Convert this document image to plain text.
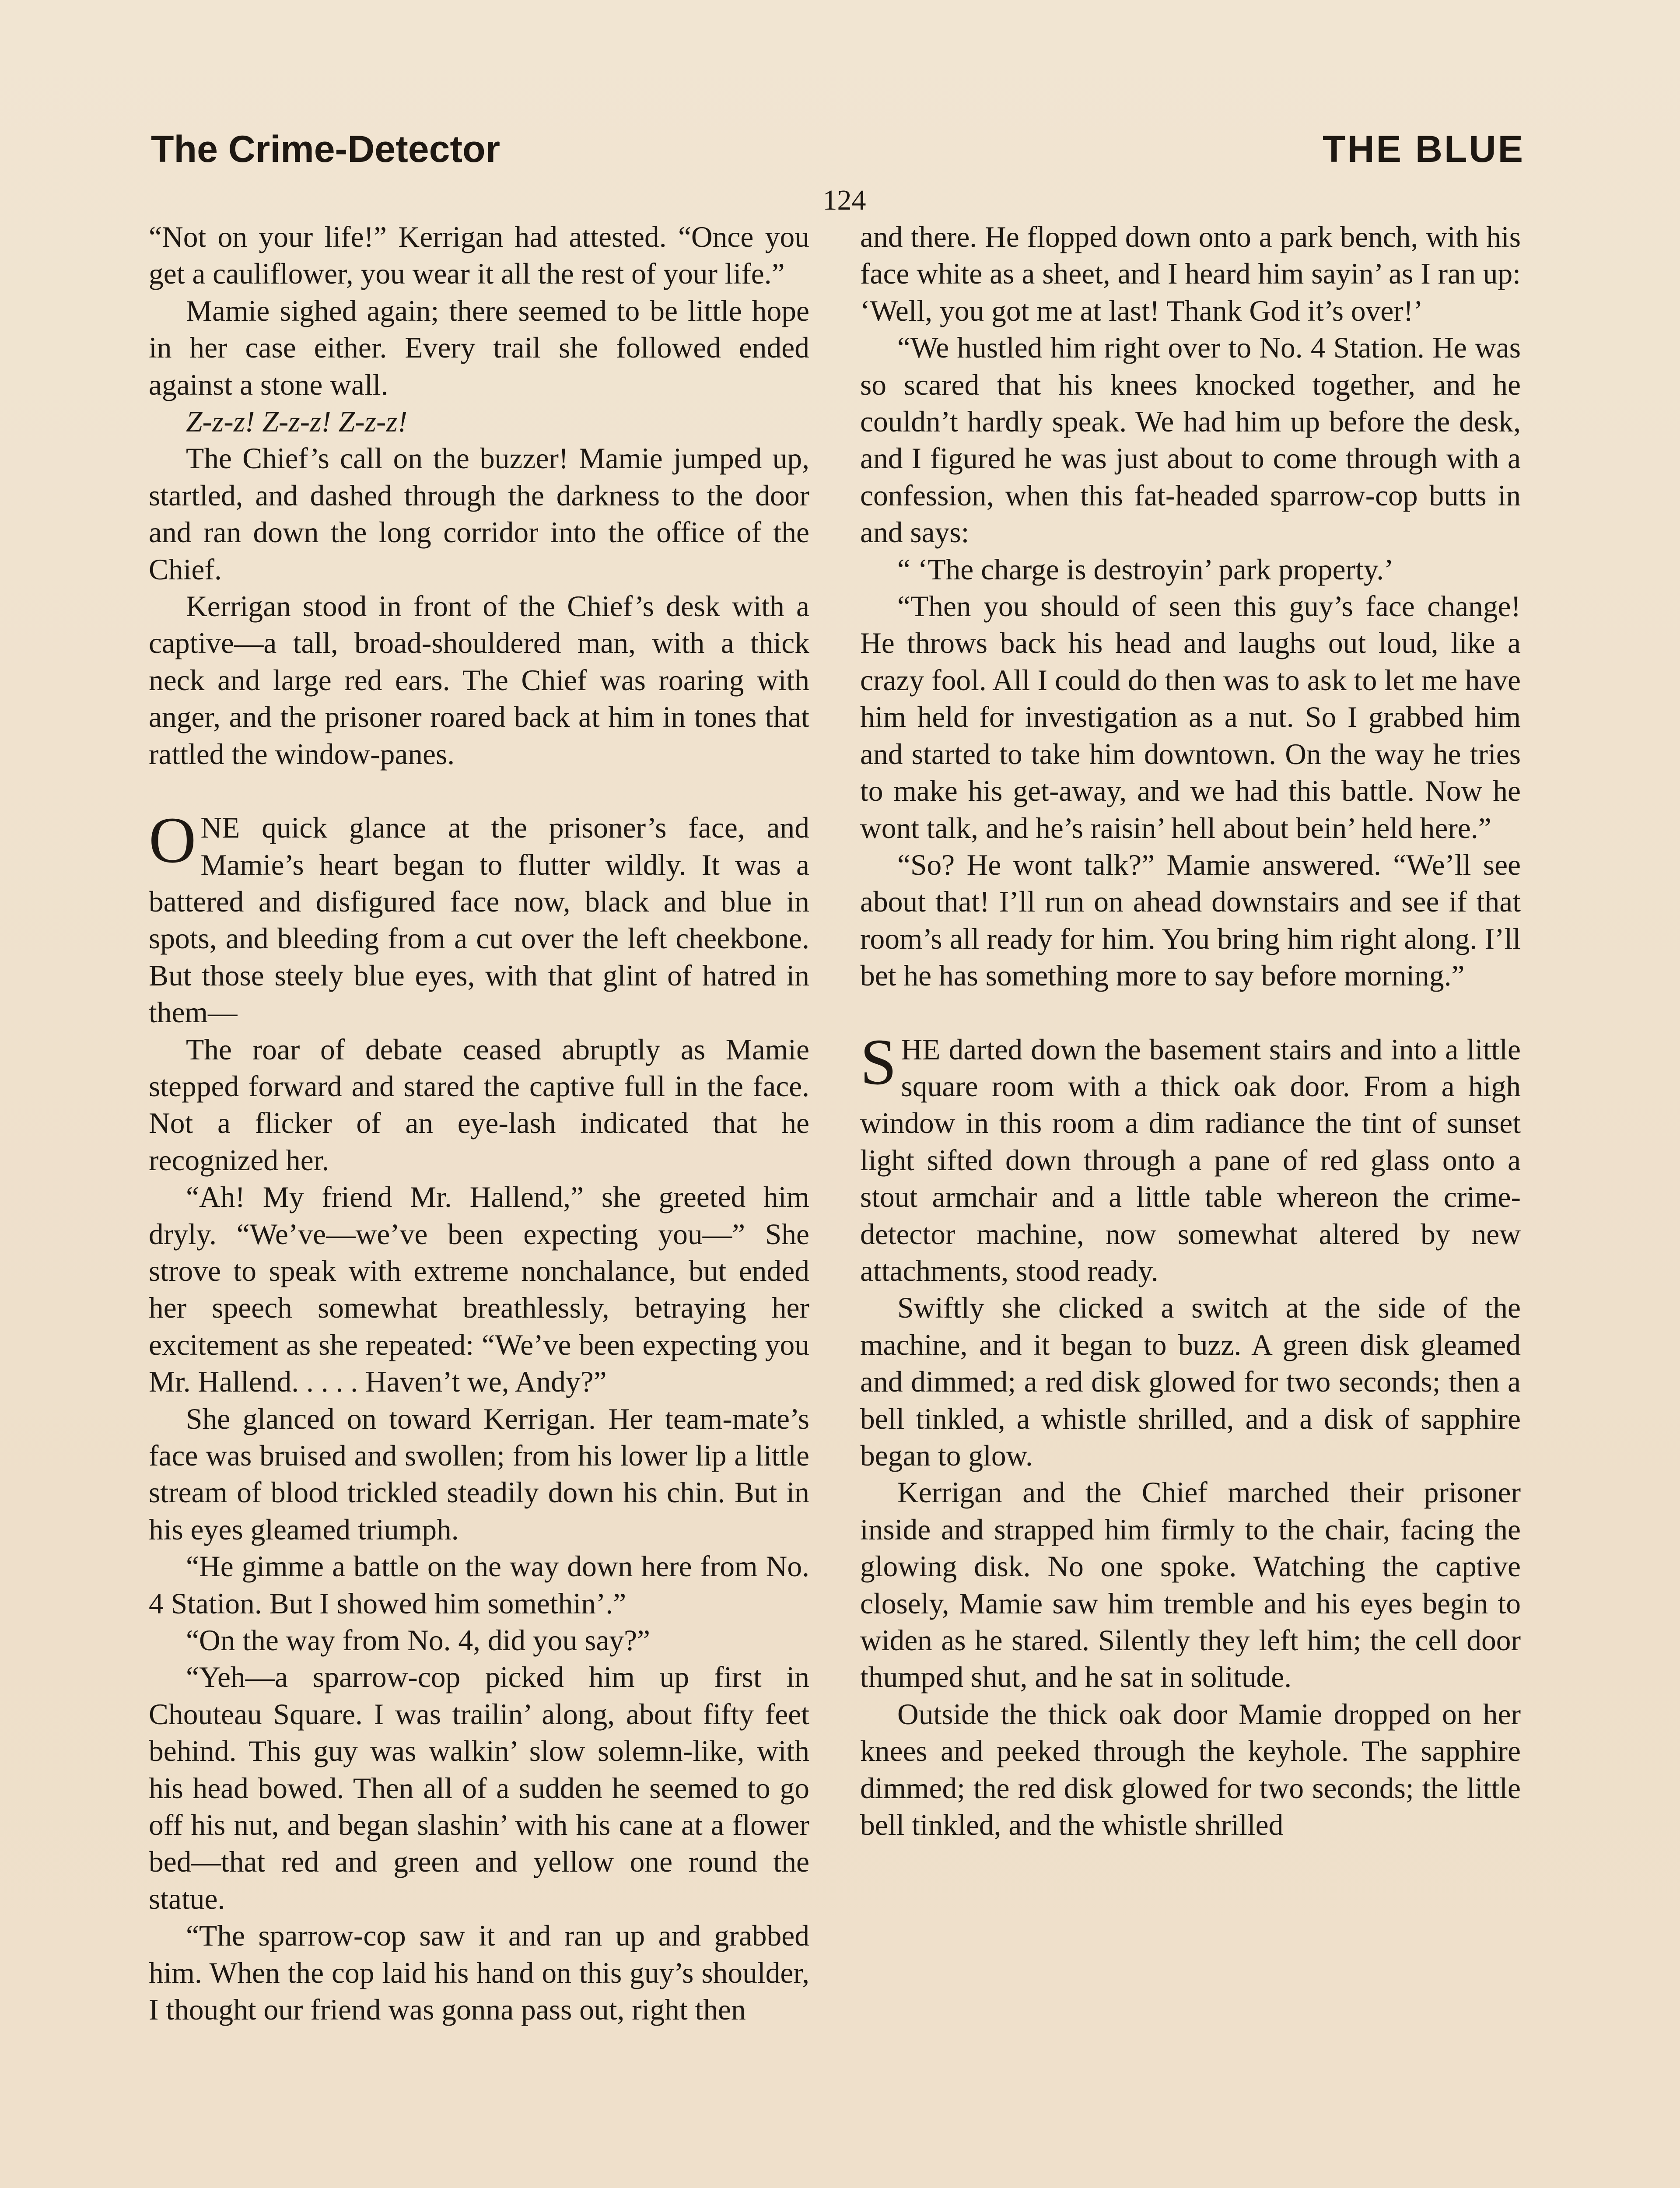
The Crime-Detector	THE BLUE
124

“Not on your life!” Kerrigan had attested. “Once you get a cauliflower, you wear it all the rest of your life.”

Mamie sighed again; there seemed to be little hope in her case either. Every trail she followed ended against a stone wall.

Z-z-z! Z-z-z! Z-z-z!

The Chief’s call on the buzzer! Mamie jumped up, startled, and dashed through the darkness to the door and ran down the long corridor into the office of the Chief.

Kerrigan stood in front of the Chief’s desk with a captive—a tall, broad-shouldered man, with a thick neck and large red ears. The Chief was roaring with anger, and the prisoner roared back at him in tones that rattled the window-panes.

ONE quick glance at the prisoner’s face, and Mamie’s heart began to flutter wildly. It was a battered and disfigured face now, black and blue in spots, and bleeding from a cut over the left cheekbone. But those steely blue eyes, with that glint of hatred in them—

The roar of debate ceased abruptly as Mamie stepped forward and stared the captive full in the face. Not a flicker of an eye-lash indicated that he recognized her.

“Ah! My friend Mr. Hallend,” she greeted him dryly. “We’ve—we’ve been expecting you—” She strove to speak with extreme nonchalance, but ended her speech somewhat breathlessly, betraying her excitement as she repeated: “We’ve been expecting you Mr. Hallend. . . . . Haven’t we, Andy?”

She glanced on toward Kerrigan. Her team-mate’s face was bruised and swollen; from his lower lip a little stream of blood trickled steadily down his chin. But in his eyes gleamed triumph.

“He gimme a battle on the way down here from No. 4 Station. But I showed him somethin’.”

“On the way from No. 4, did you say?”

“Yeh—a sparrow-cop picked him up first in Chouteau Square. I was trailin’ along, about fifty feet behind. This guy was walkin’ slow solemn-like, with his head bowed. Then all of a sudden he seemed to go off his nut, and began slashin’ with his cane at a flower bed—that red and green and yellow one round the statue.

“The sparrow-cop saw it and ran up and grabbed him. When the cop laid his hand on this guy’s shoulder, I thought our friend was gonna pass out, right then

and there. He flopped down onto a park bench, with his face white as a sheet, and I heard him sayin’ as I ran up: ‘Well, you got me at last! Thank God it’s over!’

“We hustled him right over to No. 4 Station. He was so scared that his knees knocked together, and he couldn’t hardly speak. We had him up before the desk, and I figured he was just about to come through with a confession, when this fat-headed sparrow-cop butts in and says:

“ ‘The charge is destroyin’ park property.’

“Then you should of seen this guy’s face change! He throws back his head and laughs out loud, like a crazy fool. All I could do then was to ask to let me have him held for investigation as a nut. So I grabbed him and started to take him downtown. On the way he tries to make his get-away, and we had this battle. Now he wont talk, and he’s raisin’ hell about bein’ held here.”

“So? He wont talk?” Mamie answered. “We’ll see about that! I’ll run on ahead downstairs and see if that room’s all ready for him. You bring him right along. I’ll bet he has something more to say before morning.”

SHE darted down the basement stairs and into a little square room with a thick oak door. From a high window in this room a dim radiance the tint of sunset light sifted down through a pane of red glass onto a stout armchair and a little table whereon the crime-detector machine, now somewhat altered by new attachments, stood ready.

Swiftly she clicked a switch at the side of the machine, and it began to buzz. A green disk gleamed and dimmed; a red disk glowed for two seconds; then a bell tinkled, a whistle shrilled, and a disk of sapphire began to glow.

Kerrigan and the Chief marched their prisoner inside and strapped him firmly to the chair, facing the glowing disk. No one spoke. Watching the captive closely, Mamie saw him tremble and his eyes begin to widen as he stared. Silently they left him; the cell door thumped shut, and he sat in solitude.

Outside the thick oak door Mamie dropped on her knees and peeked through the keyhole. The sapphire dimmed; the red disk glowed for two seconds; the little bell tinkled, and the whistle shrilled
